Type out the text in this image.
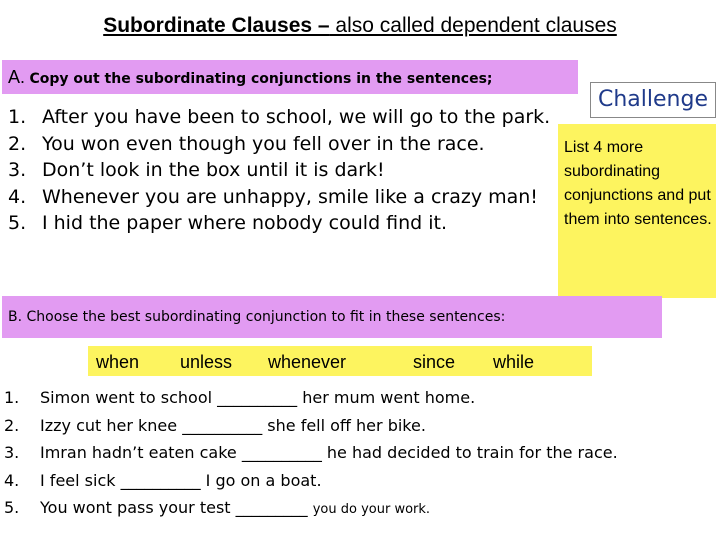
Subordinate Clauses – also called dependent clauses
A. Copy out the subordinating conjunctions in the sentences;
1. After you have been to school, we will go to the park.
2. You won even though you fell over in the race.
3. Don’t look in the box until it is dark!
4. Whenever you are unhappy, smile like a crazy man!
5. I hid the paper where nobody could find it.
Challenge
List 4 more subordinating conjunctions and put them into sentences.
B. Choose the best subordinating conjunction to fit in these sentences:
when unless whenever	since while
1. Simon went to school __________ her mum went home.
2. Izzy cut her knee __________ she fell off her bike.
3. Imran hadn’t eaten cake __________ he had decided to train for the race.
4. I feel sick __________ I go on a boat.
5. You wont pass your test _________ you do your work.
